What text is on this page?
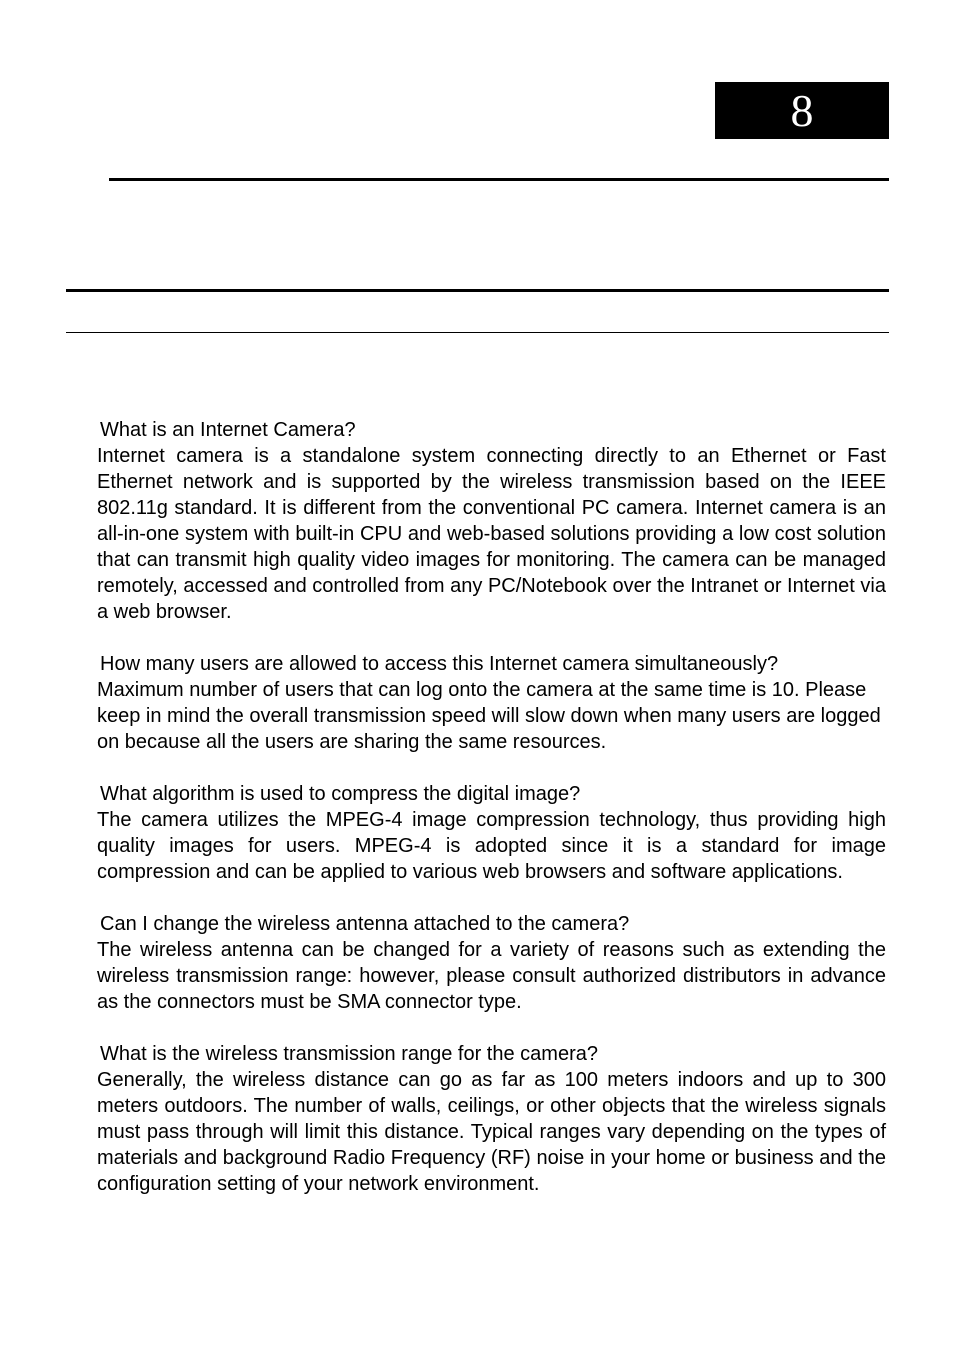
8

What is an Internet Camera?

Internet camera is a standalone system connecting directly to an Ethernet or Fast Ethernet network and is supported by the wireless transmission based on the IEEE 802.11g standard. It is different from the conventional PC camera. Internet camera is an all-in-one system with built-in CPU and web-based solutions providing a low cost solution that can transmit high quality video images for monitoring. The camera can be managed remotely, accessed and controlled from any PC/Notebook over the Intranet or Internet via a web browser.

How many users are allowed to access this Internet camera simultaneously?

Maximum number of users that can log onto the camera at the same time is 10. Please keep in mind the overall transmission speed will slow down when many users are logged on because all the users are sharing the same resources.

What algorithm is used to compress the digital image?

The camera utilizes the MPEG-4 image compression technology, thus providing high quality images for users. MPEG-4 is adopted since it is a standard for image compression and can be applied to various web browsers and software applications.

Can I change the wireless antenna attached to the camera?

The wireless antenna can be changed for a variety of reasons such as extending the wireless transmission range: however, please consult authorized distributors in advance as the connectors must be SMA connector type.

What is the wireless transmission range for the camera?

Generally, the wireless distance can go as far as 100 meters indoors and up to 300 meters outdoors. The number of walls, ceilings, or other objects that the wireless signals must pass through will limit this distance. Typical ranges vary depending on the types of materials and background Radio Frequency (RF) noise in your home or business and the configuration setting of your network environment.
